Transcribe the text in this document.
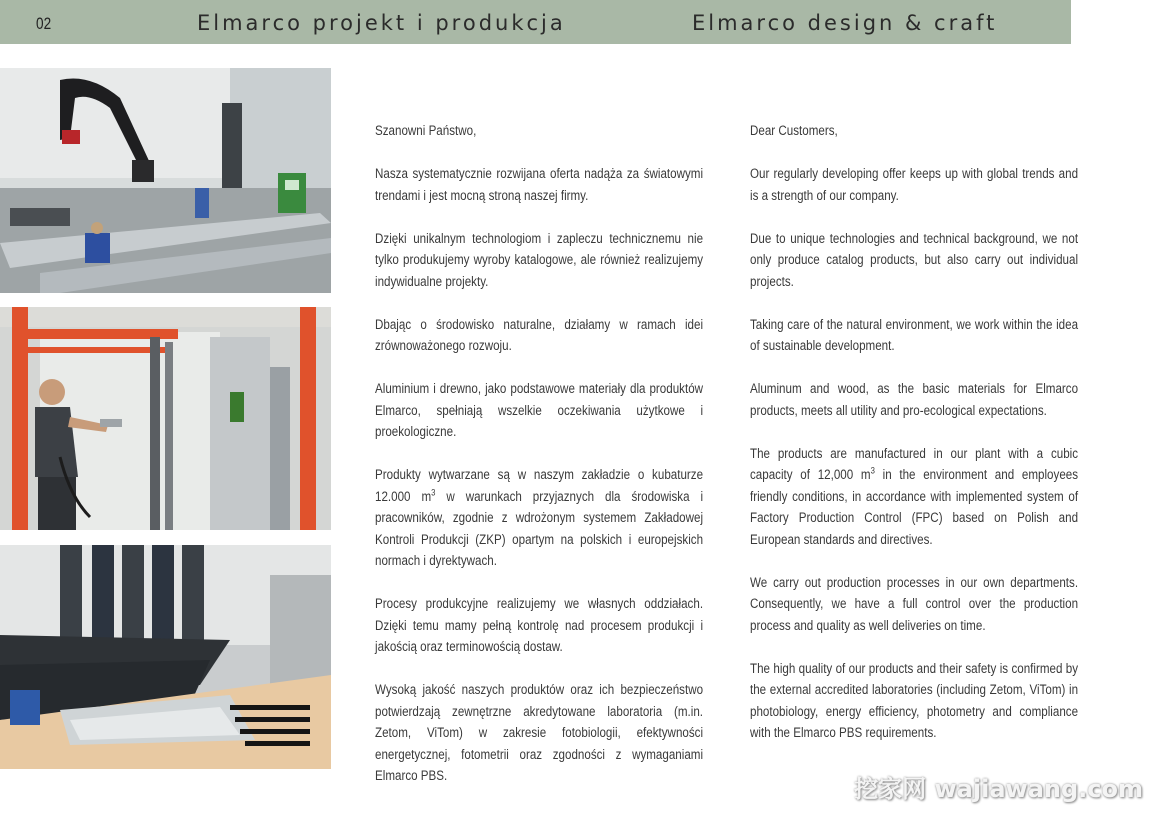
02	Elmarco projekt i produkcja	Elmarco design & craft

Szanowni Państwo,

Nasza systematycznie rozwijana oferta nadąża za światowymi trendami i jest mocną stroną naszej firmy.

Dzięki unikalnym technologiom i zapleczu technicznemu nie tylko produkujemy wyroby katalogowe, ale również realizujemy indywidualne projekty.

Dbając o środowisko naturalne, działamy w ramach idei zrównoważonego rozwoju.

Aluminium i drewno, jako podstawowe materiały dla produktów Elmarco, spełniają wszelkie oczekiwania użytkowe i proekologiczne.

Produkty wytwarzane są w naszym zakładzie o kubaturze 12.000 $m^3$ w warunkach przyjaznych dla środowiska i pracowników, zgodnie z wdrożonym systemem Zakładowej Kontroli Produkcji (ZKP) opartym na polskich i europejskich normach i dyrektywach.

Procesy produkcyjne realizujemy we własnych oddziałach. Dzięki temu mamy pełną kontrolę nad procesem produkcji i jakością oraz terminowością dostaw.

Wysoką jakość naszych produktów oraz ich bezpieczeństwo potwierdzają zewnętrzne akredytowane laboratoria (m.in. Zetom, ViTom) w zakresie fotobiologii, efektywności energetycznej, fotometrii oraz zgodności z wymaganiami Elmarco PBS.

Dear Customers,

Our regularly developing offer keeps up with global trends and is a strength of our company.

Due to unique technologies and technical background, we not only produce catalog products, but also carry out individual projects.

Taking care of the natural environment, we work within the idea of sustainable development.

Aluminum and wood, as the basic materials for Elmarco products, meets all utility and pro-ecological expectations.

The products are manufactured in our plant with a cubic capacity of 12,000 $m^3$ in the environment and employees friendly conditions, in accordance with implemented system of Factory Production Control (FPC) based on Polish and European standards and directives.

We carry out production processes in our own departments. Consequently, we have a full control over the production process and quality as well deliveries on time.

The high quality of our products and their safety is confirmed by the external accredited laboratories (including Zetom, ViTom) in photobiology, energy efficiency, photometry and compliance with the Elmarco PBS requirements.

挖家网 wajiawang.com
